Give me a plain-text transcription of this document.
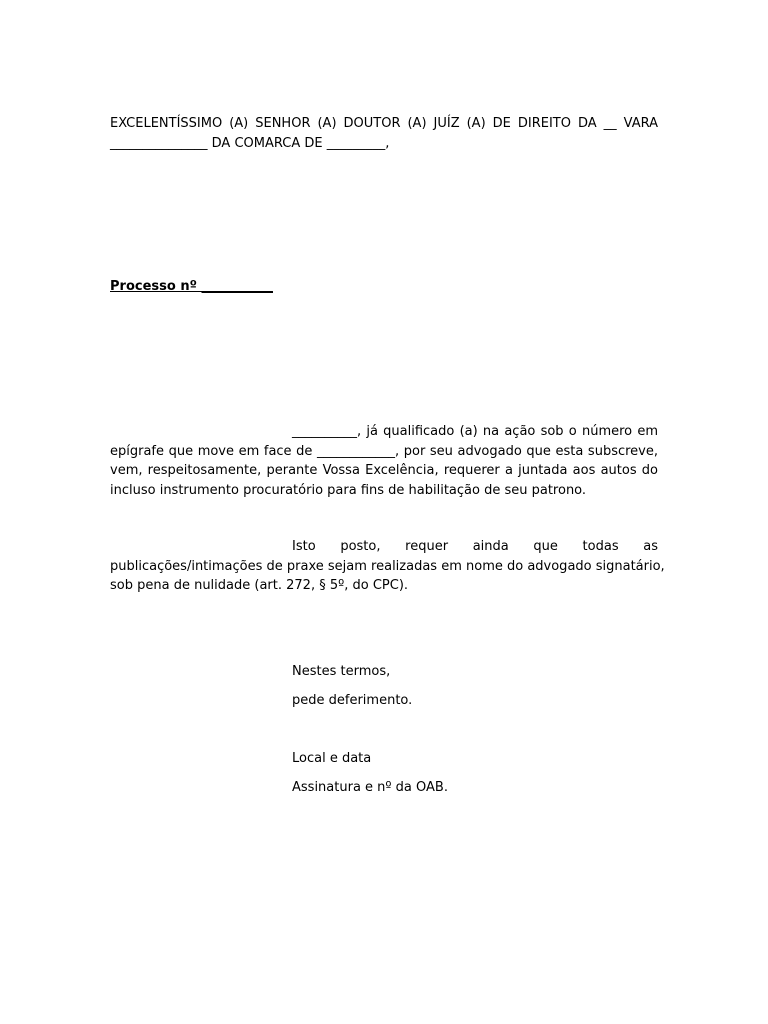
EXCELENTÍSSIMO (A) SENHOR (A) DOUTOR (A) JUÍZ (A) DE DIREITO DA __ VARA
_______________ DA COMARCA DE _________,
Processo nº ___________
__________, já qualificado (a) na ação sob o número em
epígrafe que move em face de ____________, por seu advogado que esta subscreve,
vem, respeitosamente, perante Vossa Excelência, requerer a juntada aos autos do
incluso instrumento procuratório para fins de habilitação de seu patrono.
Isto posto, requer ainda que todas as
publicações/intimações de praxe sejam realizadas em nome do advogado signatário,
sob pena de nulidade (art. 272, § 5º, do CPC).
Nestes termos,
pede deferimento.
Local e data
Assinatura e nº da OAB.
